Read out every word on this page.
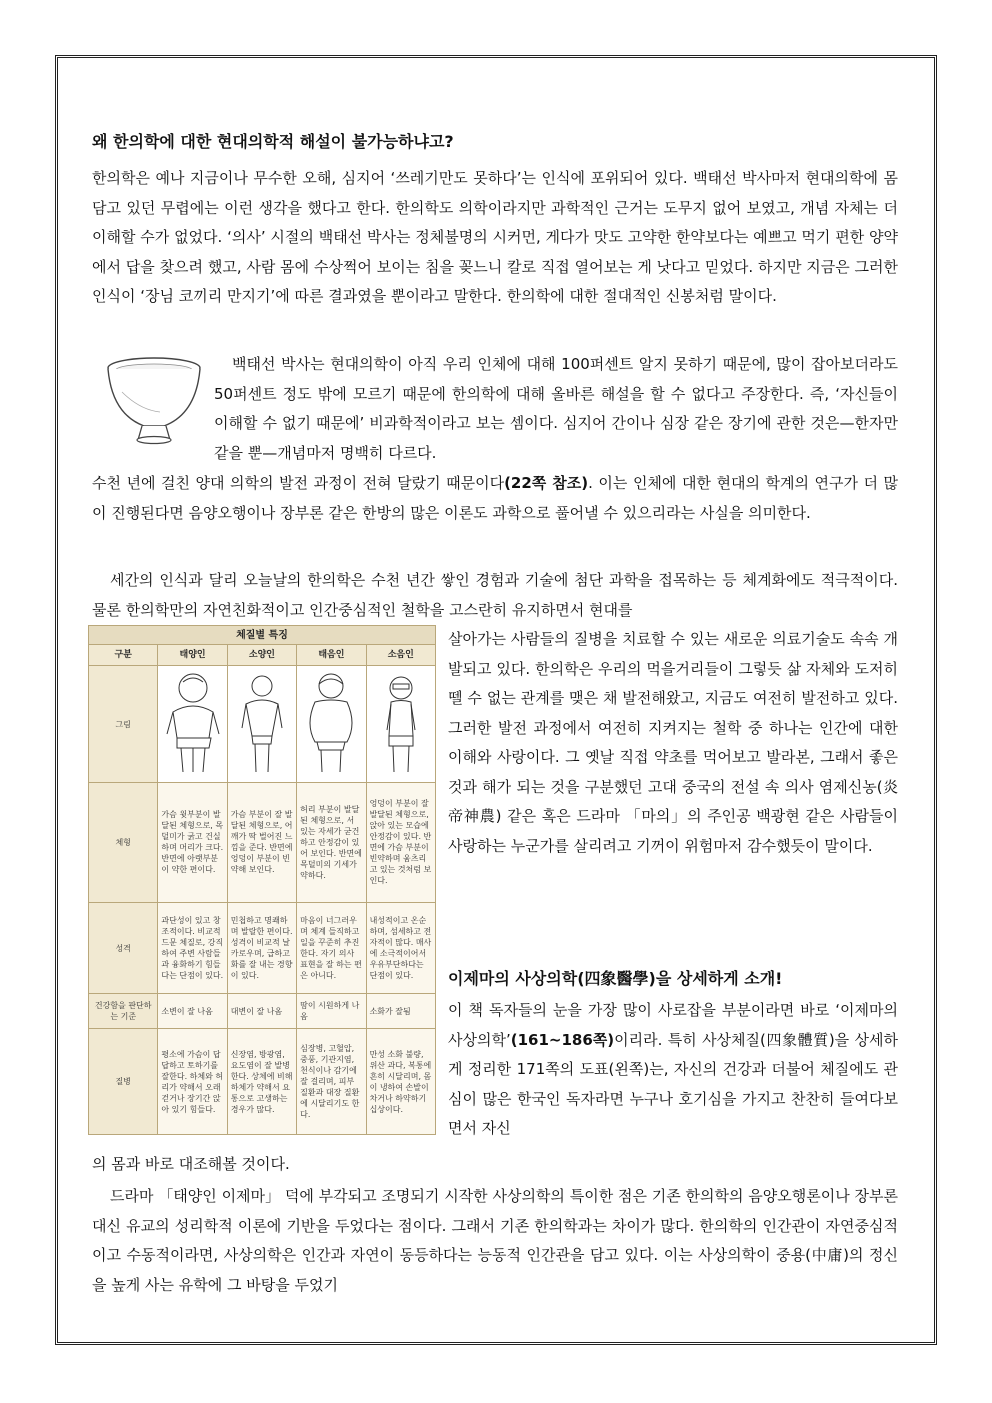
왜 한의학에 대한 현대의학적 해설이 불가능하냐고?

한의학은 예나 지금이나 무수한 오해, 심지어 ‘쓰레기만도 못하다’는 인식에 포위되어 있다. 백태선 박사마저 현대의학에 몸담고 있던 무렵에는 이런 생각을 했다고 한다. 한의학도 의학이라지만 과학적인 근거는 도무지 없어 보였고, 개념 자체는 더 이해할 수가 없었다. ‘의사’ 시절의 백태선 박사는 정체불명의 시커먼, 게다가 맛도 고약한 한약보다는 예쁘고 먹기 편한 양약에서 답을 찾으려 했고, 사람 몸에 수상쩍어 보이는 침을 꽂느니 칼로 직접 열어보는 게 낫다고 믿었다. 하지만 지금은 그러한 인식이 ‘장님 코끼리 만지기’에 따른 결과였을 뿐이라고 말한다. 한의학에 대한 절대적인 신봉처럼 말이다.

백태선 박사는 현대의학이 아직 우리 인체에 대해 100퍼센트 알지 못하기 때문에, 많이 잡아보더라도 50퍼센트 정도 밖에 모르기 때문에 한의학에 대해 올바른 해설을 할 수 없다고 주장한다. 즉, ‘자신들이 이해할 수 없기 때문에’ 비과학적이라고 보는 셈이다. 심지어 간이나 심장 같은 장기에 관한 것은—한자만 같을 뿐—개념마저 명백히 다르다.

수천 년에 걸친 양대 의학의 발전 과정이 전혀 달랐기 때문이다(22쪽 참조). 이는 인체에 대한 현대의 학계의 연구가 더 많이 진행된다면 음양오행이나 장부론 같은 한방의 많은 이론도 과학으로 풀어낼 수 있으리라는 사실을 의미한다.

세간의 인식과 달리 오늘날의 한의학은 수천 년간 쌓인 경험과 기술에 첨단 과학을 접목하는 등 체계화에도 적극적이다. 물론 한의학만의 자연친화적이고 인간중심적인 철학을 고스란히 유지하면서 현대를

체질별 특징				
구분	태양인	소양인	태음인	소음인
그림	

체형	가슴 윗부분이 발달된 체형으로, 목덜미가 굵고 건실하며 머리가 크다. 반면에 아랫부분이 약한 편이다.	가슴 부분이 잘 발달된 체형으로, 어깨가 딱 벌어진 느낌을 준다. 반면에 엉덩이 부분이 빈약해 보인다.	허리 부분이 발달된 체형으로, 서 있는 자세가 굳건하고 안정감이 있어 보인다. 반면에 목덜미의 기세가 약하다.	엉덩이 부분이 잘 발달된 체형으로, 앉아 있는 모습에 안정감이 있다. 반면에 가슴 부분이 빈약하며 움츠리고 있는 것처럼 보인다.
성격	과단성이 있고 창조적이다. 비교적 드문 체질로, 강직하여 주변 사람들과 융화하기 힘들다는 단점이 있다.	민첩하고 명쾌하며 발랄한 편이다. 성격이 비교적 날카로우며, 급하고 화를 잘 내는 경향이 있다.	마음이 너그러우며 체계 들직하고 일을 꾸준히 추진한다. 자기 의사 표현을 잘 하는 편은 아니다.	내성적이고 온순하며, 섬세하고 전자적이 많다. 매사에 소극적이어서 우유부단하다는 단점이 있다.
건강함을 판단하는 기준	소변이 잘 나옴	대변이 잘 나옴	땀이 시원하게 나옴	소화가 잘됨
질병	평소에 가슴이 답답하고 토하기를 잘한다. 하체와 허리가 약해서 오래 걷거나 장기간 앉아 있기 힘들다.	신장염, 방광염, 요도염이 잘 발병한다. 상체에 비해 하체가 약해서 요통으로 고생하는 경우가 많다.	심장병, 고혈압, 중풍, 기관지염, 천식이나 감기에 잘 걸리며, 피부 질환과 대장 질환에 시달리기도 한다.	만성 소화 불량, 위산 과다, 복통에 흔히 시달리며, 몸이 냉하여 손발이 차거나 하약하기 십상이다.

살아가는 사람들의 질병을 치료할 수 있는 새로운 의료기술도 속속 개발되고 있다. 한의학은 우리의 먹을거리들이 그렇듯 삶 자체와 도저히 뗄 수 없는 관계를 맺은 채 발전해왔고, 지금도 여전히 발전하고 있다. 그러한 발전 과정에서 여전히 지켜지는 철학 중 하나는 인간에 대한 이해와 사랑이다. 그 옛날 직접 약초를 먹어보고 발라본, 그래서 좋은 것과 해가 되는 것을 구분했던 고대 중국의 전설 속 의사 염제신농(炎帝神農) 같은 혹은 드라마 「마의」의 주인공 백광현 같은 사람들이 사랑하는 누군가를 살리려고 기꺼이 위험마저 감수했듯이 말이다.

이제마의 사상의학(四象醫學)을 상세하게 소개!

이 책 독자들의 눈을 가장 많이 사로잡을 부분이라면 바로 ‘이제마의 사상의학’(161~186쪽)이리라. 특히 사상체질(四象體質)을 상세하게 정리한 171쪽의 도표(왼쪽)는, 자신의 건강과 더불어 체질에도 관심이 많은 한국인 독자라면 누구나 호기심을 가지고 찬찬히 들여다보면서 자신

의 몸과 바로 대조해볼 것이다.

드라마 「태양인 이제마」 덕에 부각되고 조명되기 시작한 사상의학의 특이한 점은 기존 한의학의 음양오행론이나 장부론 대신 유교의 성리학적 이론에 기반을 두었다는 점이다. 그래서 기존 한의학과는 차이가 많다. 한의학의 인간관이 자연중심적이고 수동적이라면, 사상의학은 인간과 자연이 동등하다는 능동적 인간관을 담고 있다. 이는 사상의학이 중용(中庸)의 정신을 높게 사는 유학에 그 바탕을 두었기
